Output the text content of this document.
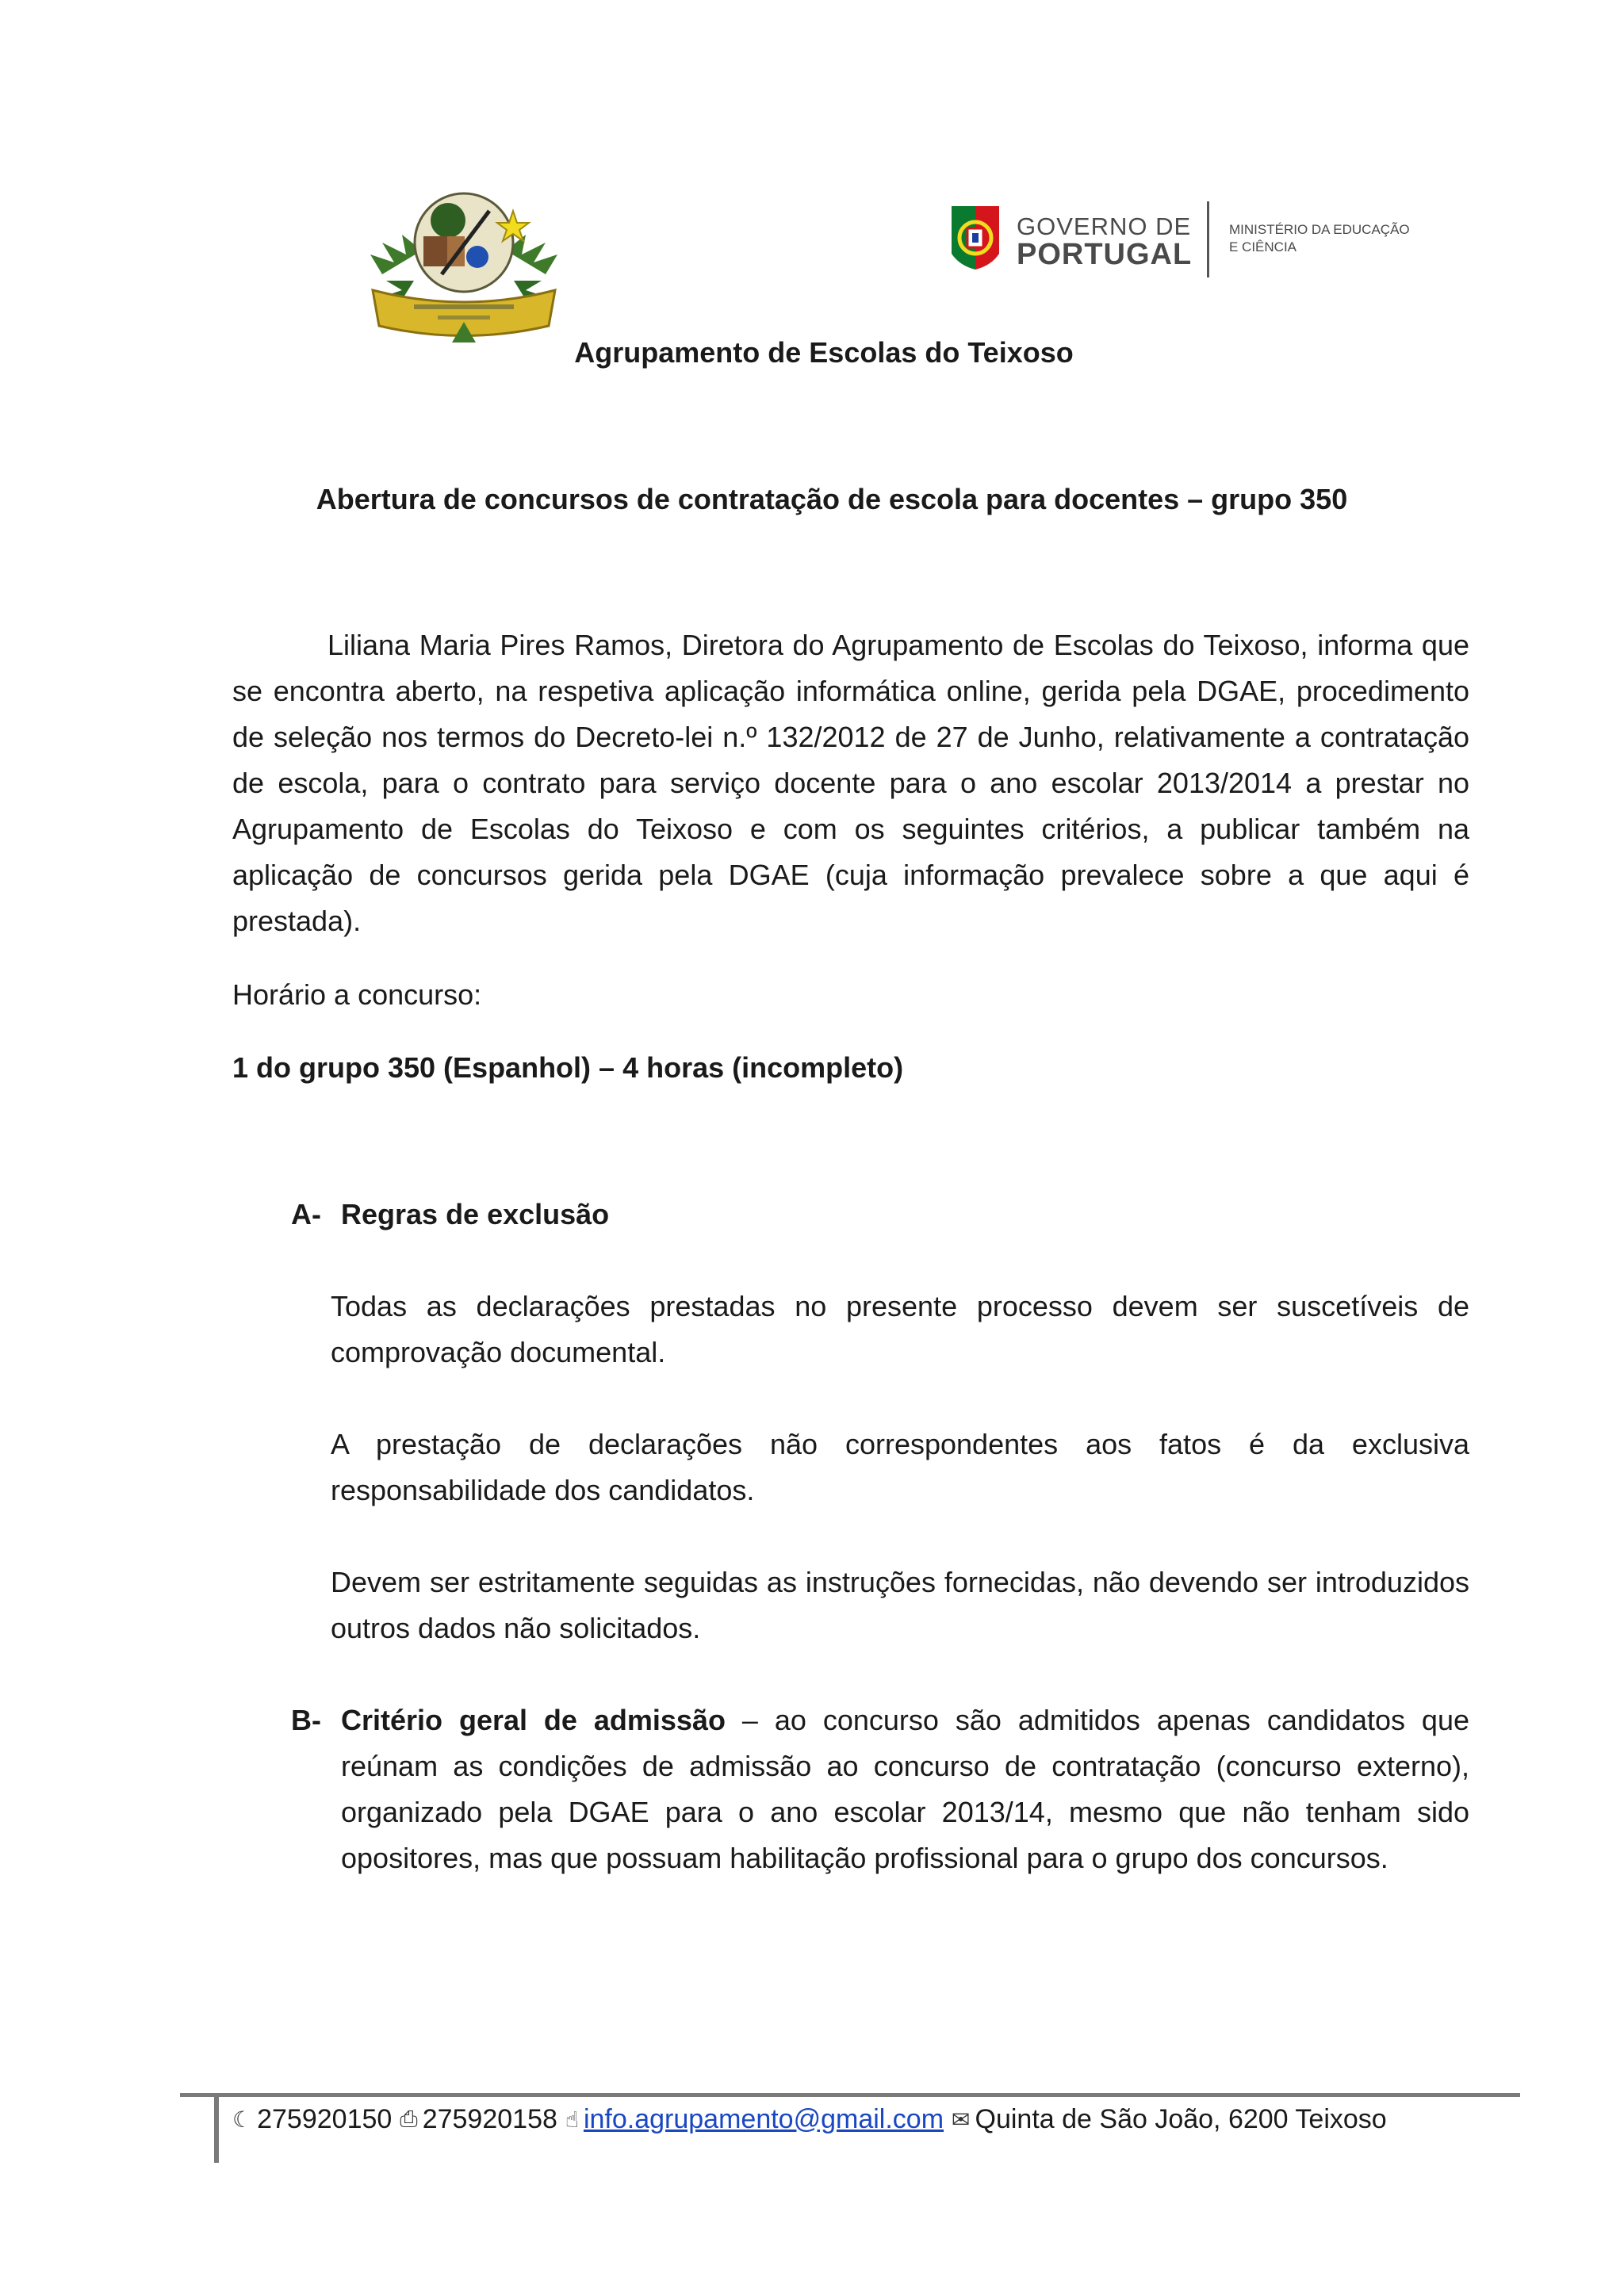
GOVERNO DE
PORTUGAL
MINISTÉRIO DA EDUCAÇÃO
E CIÊNCIA
Agrupamento de Escolas do Teixoso
Abertura de concursos de contratação de escola para docentes – grupo 350
Liliana Maria Pires Ramos, Diretora do Agrupamento de Escolas do Teixoso, informa que se encontra aberto, na respetiva aplicação informática online, gerida pela DGAE, procedimento de seleção nos termos do Decreto-lei n.º 132/2012 de 27 de Junho, relativamente a contratação de escola, para o contrato para serviço docente para o ano escolar 2013/2014 a prestar no Agrupamento de Escolas do Teixoso e com os seguintes critérios, a publicar também na aplicação de concursos gerida pela DGAE (cuja informação prevalece sobre a que aqui é prestada).
Horário a concurso:
1 do grupo 350 (Espanhol) – 4 horas (incompleto)
A- Regras de exclusão
Todas as declarações prestadas no presente processo devem ser suscetíveis de comprovação documental.
A prestação de declarações não correspondentes aos fatos é da exclusiva responsabilidade dos candidatos.
Devem ser estritamente seguidas as instruções fornecidas, não devendo ser introduzidos outros dados não solicitados.
B- Critério geral de admissão – ao concurso são admitidos apenas candidatos que reúnam as condições de admissão ao concurso de contratação (concurso externo), organizado pela DGAE para o ano escolar 2013/14, mesmo que não tenham sido opositores, mas que possuam habilitação profissional para o grupo dos concursos.
☾ 275920150 ⎙ 275920158 ☝ info.agrupamento@gmail.com ✉ Quinta de São João, 6200 Teixoso
